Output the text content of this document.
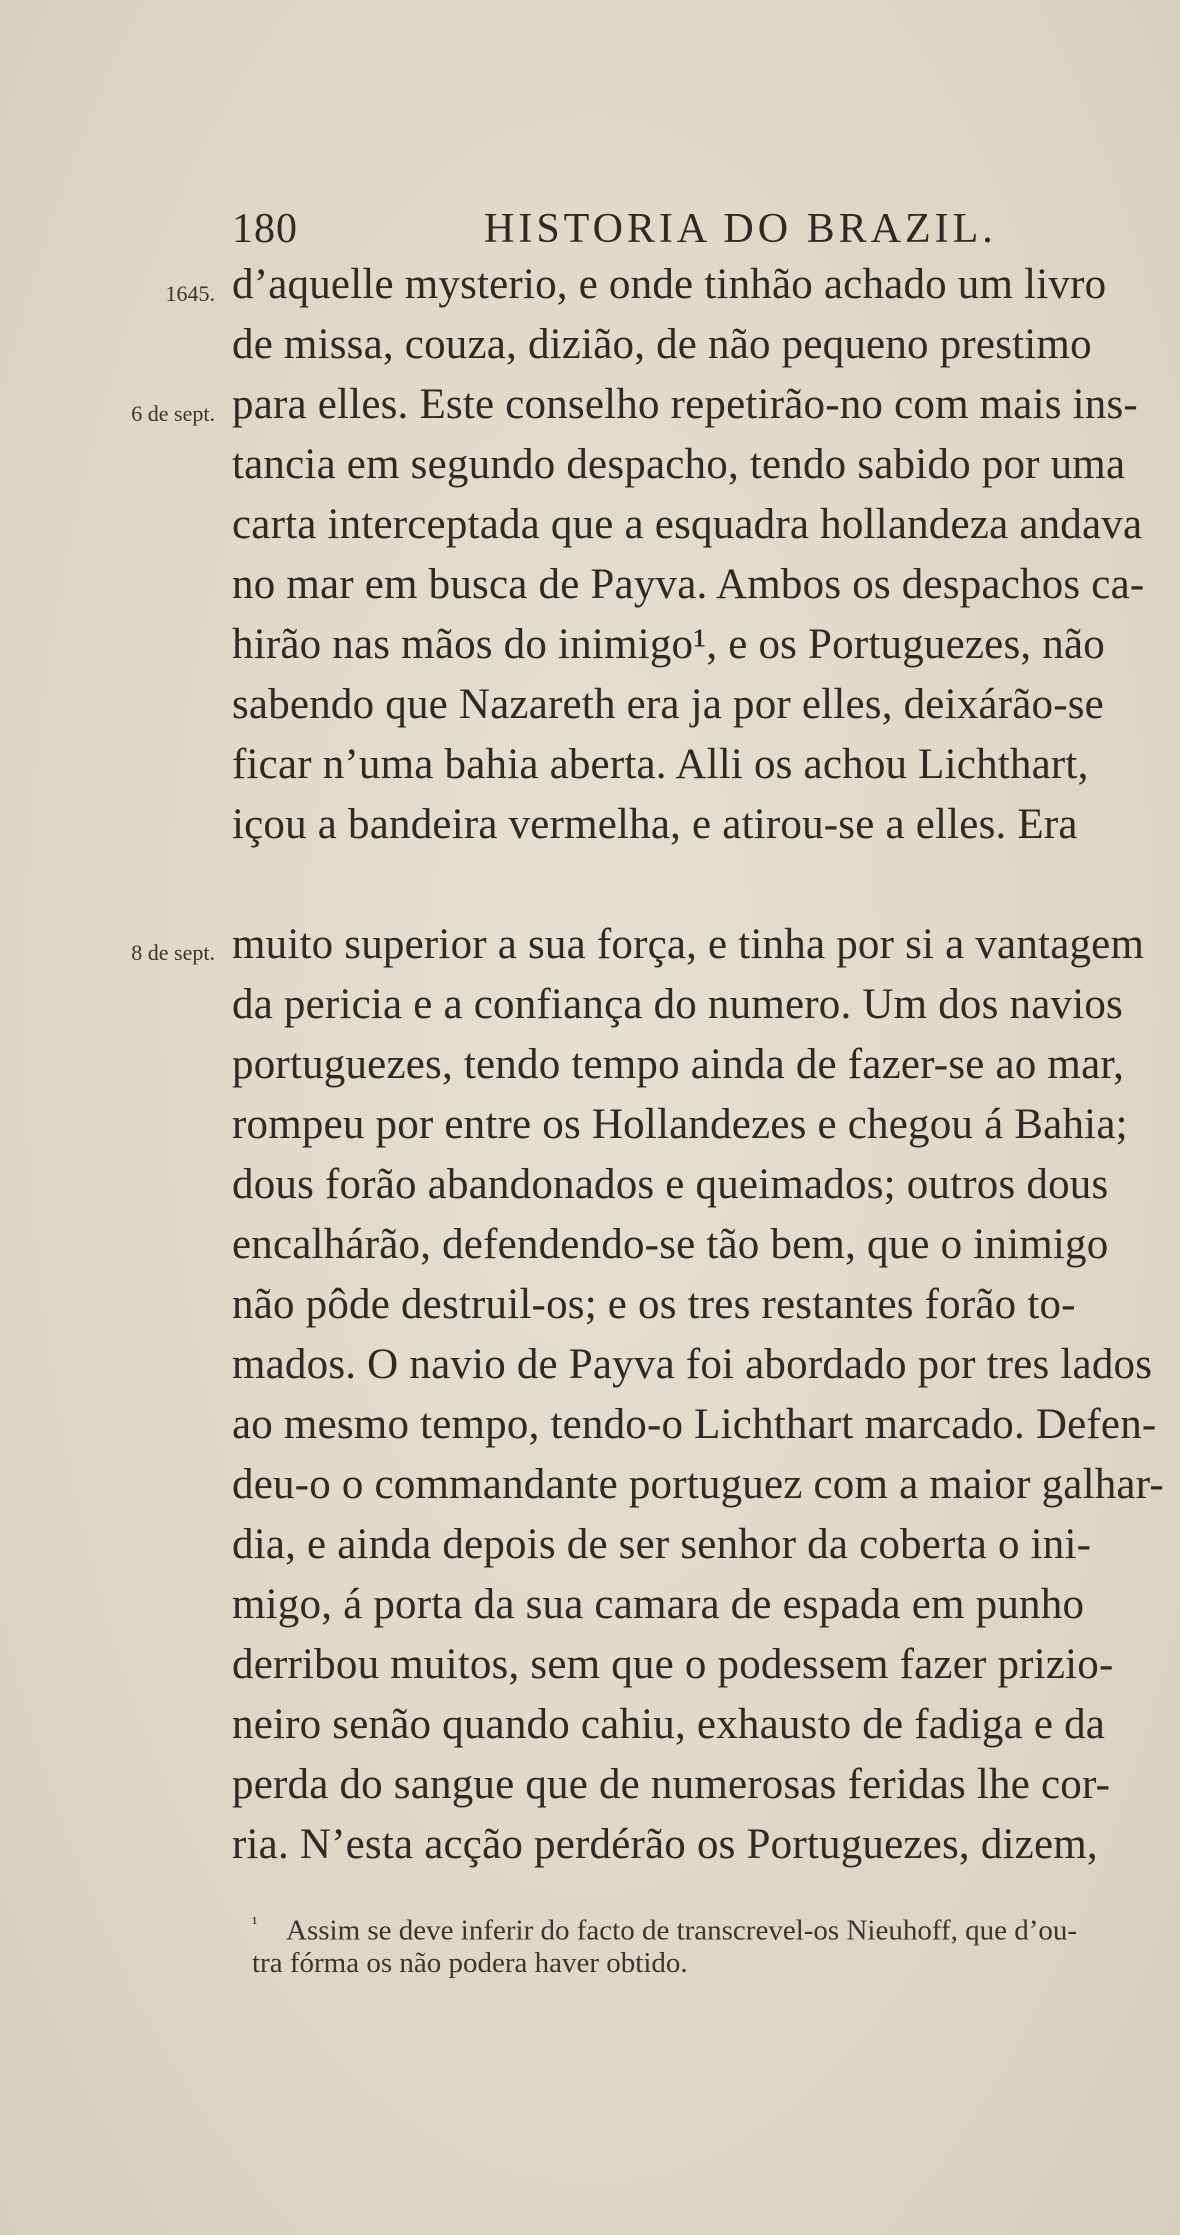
180	HISTORIA DO BRAZIL.
1645.
6 de sept.
8 de sept.
d’aquelle mysterio, e onde tinhão achado um livro
de missa, couza, dizião, de não pequeno prestimo
para elles. Este conselho repetirão-no com mais ins-
tancia em segundo despacho, tendo sabido por uma
carta interceptada que a esquadra hollandeza andava
no mar em busca de Payva. Ambos os despachos ca-
hirão nas mãos do inimigo¹, e os Portuguezes, não
sabendo que Nazareth era ja por elles, deixárão-se
ficar n’uma bahia aberta. Alli os achou Lichthart,
içou a bandeira vermelha, e atirou-se a elles. Era
muito superior a sua força, e tinha por si a vantagem
da pericia e a confiança do numero. Um dos navios
portuguezes, tendo tempo ainda de fazer-se ao mar,
rompeu por entre os Hollandezes e chegou á Bahia;
dous forão abandonados e queimados; outros dous
encalhárão, defendendo-se tão bem, que o inimigo
não pôde destruil-os; e os tres restantes forão to-
mados. O navio de Payva foi abordado por tres lados
ao mesmo tempo, tendo-o Lichthart marcado. Defen-
deu-o o commandante portuguez com a maior galhar-
dia, e ainda depois de ser senhor da coberta o ini-
migo, á porta da sua camara de espada em punho
derribou muitos, sem que o podessem fazer prizio-
neiro senão quando cahiu, exhausto de fadiga e da
perda do sangue que de numerosas feridas lhe cor-
ria. N’esta acção perdérão os Portuguezes, dizem,
¹ Assim se deve inferir do facto de transcrevel-os Nieuhoff, que d’ou-
tra fórma os não podera haver obtido.
